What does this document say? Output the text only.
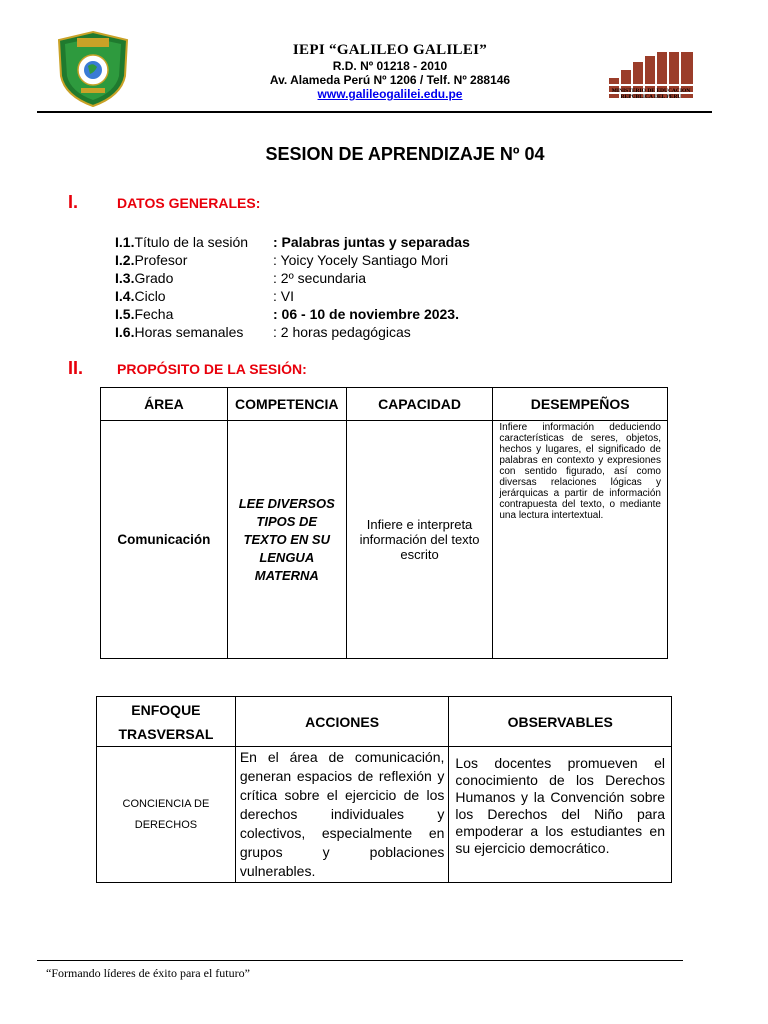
IEPI “GALILEO GALILEI”
R.D. Nº 01218 - 2010
Av. Alameda Perú Nº 1206 / Telf. Nº 288146
www.galileogalilei.edu.pe	MINISTERIO DE EDUCACION
REPUBLICA DEL PERU
SESION DE APRENDIZAJE Nº 04
I.	DATOS GENERALES:
I.1.Título de la sesión : Palabras juntas y separadas
I.2.Profesor	: Yoicy Yocely Santiago Mori
I.3.Grado	: 2º secundaria
I.4.Ciclo	: VI
I.5.Fecha	: 06 - 10 de noviembre 2023.
I.6.Horas semanales : 2 horas pedagógicas
II. PROPÓSITO DE LA SESIÓN:
ÁREA	COMPETENCIA	CAPACIDAD	DESEMPEÑOS
Comunicación	LEE DIVERSOS TIPOS DE TEXTO EN SU LENGUA MATERNA	Infiere e interpreta información del texto escrito	Infiere información deduciendo características de seres, objetos, hechos y lugares, el significado de palabras en contexto y expresiones con sentido figurado, así como diversas relaciones lógicas y jerárquicas a partir de información contrapuesta del texto, o mediante una lectura intertextual.
ENFOQUE TRASVERSAL	ACCIONES	OBSERVABLES
CONCIENCIA DE DERECHOS	En el área de comunicación, generan espacios de reflexión y crítica sobre el ejercicio de los derechos individuales y colectivos, especialmente en grupos y poblaciones vulnerables.	Los docentes promueven el conocimiento de los Derechos Humanos y la Convención sobre los Derechos del Niño para empoderar a los estudiantes en su ejercicio democrático.
“Formando líderes de éxito para el futuro”
